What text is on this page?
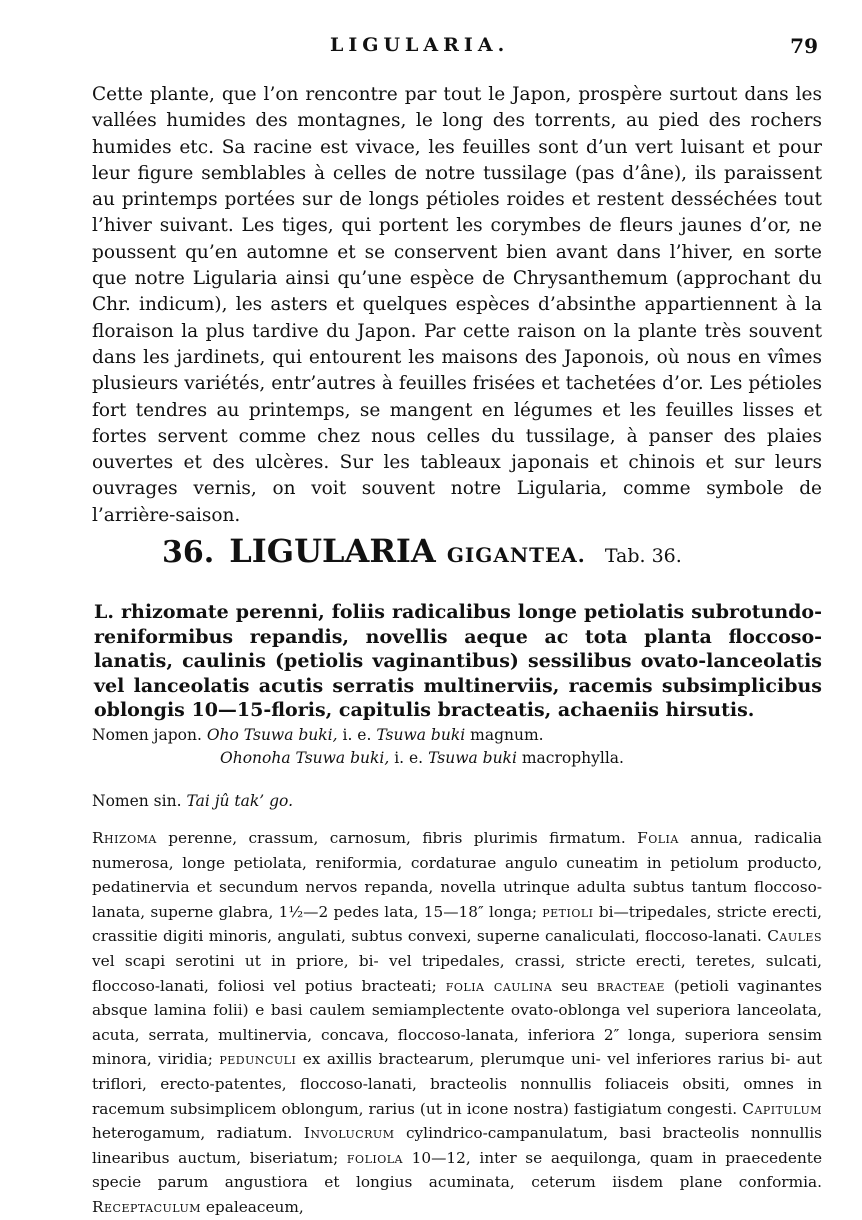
LIGULARIA.	79

Cette plante, que l’on rencontre par tout le Japon, prospère surtout dans les vallées humides des montagnes, le long des torrents, au pied des rochers humides etc. Sa racine est vivace, les feuilles sont d’un vert luisant et pour leur figure semblables à celles de notre tussilage (pas d’âne), ils paraissent au printemps portées sur de longs pétioles roides et restent desséchées tout l’hiver suivant. Les tiges, qui portent les corymbes de fleurs jaunes d’or, ne poussent qu’en automne et se conservent bien avant dans l’hiver, en sorte que notre Ligularia ainsi qu’une espèce de Chrysanthemum (approchant du Chr. indicum), les asters et quelques espèces d’absinthe appartiennent à la floraison la plus tardive du Japon. Par cette raison on la plante très souvent dans les jardinets, qui entourent les maisons des Japonois, où nous en vîmes plusieurs variétés, entr’autres à feuilles frisées et tachetées d’or. Les pétioles fort tendres au printemps, se mangent en légumes et les feuilles lisses et fortes servent comme chez nous celles du tussilage, à panser des plaies ouvertes et des ulcères. Sur les tableaux japonais et chinois et sur leurs ouvrages vernis, on voit souvent notre Ligularia, comme symbole de l’arrière-saison.

36. LIGULARIA GIGANTEA. Tab. 36.

L. rhizomate perenni, foliis radicalibus longe petiolatis subrotundo-reniformibus repandis, novellis aeque ac tota planta floccoso-lanatis, caulinis (petiolis vaginantibus) sessilibus ovato-lanceolatis vel lanceolatis acutis serratis multinerviis, racemis subsimplicibus oblongis 10—15-floris, capitulis bracteatis, achaeniis hirsutis.

Nomen japon. Oho Tsuwa buki, i. e. Tsuwa buki magnum.
Ohonoha Tsuwa buki, i. e. Tsuwa buki macrophylla.
Nomen sin. Tai jû tak’ go.

Rhizoma perenne, crassum, carnosum, fibris plurimis firmatum. Folia annua, radicalia numerosa, longe petiolata, reniformia, cordaturae angulo cuneatim in petiolum producto, pedatinervia et secundum nervos repanda, novella utrinque adulta subtus tantum floccoso-lanata, superne glabra, 1½—2 pedes lata, 15—18″ longa; petioli bi—tripedales, stricte erecti, crassitie digiti minoris, angulati, subtus convexi, superne canaliculati, floccoso-lanati. Caules vel scapi serotini ut in priore, bi- vel tripedales, crassi, stricte erecti, teretes, sulcati, floccoso-lanati, foliosi vel potius bracteati; folia caulina seu bracteae (petioli vaginantes absque lamina folii) e basi caulem semiamplectente ovato-oblonga vel superiora lanceolata, acuta, serrata, multinervia, concava, floccoso-lanata, inferiora 2″ longa, superiora sensim minora, viridia; pedunculi ex axillis bractearum, plerumque uni- vel inferiores rarius bi- aut triflori, erecto-patentes, floccoso-lanati, bracteolis nonnullis foliaceis obsiti, omnes in racemum subsimplicem oblongum, rarius (ut in icone nostra) fastigiatum congesti. Capitulum heterogamum, radiatum. Involucrum cylindrico-campanulatum, basi bracteolis nonnullis linearibus auctum, biseriatum; foliola 10—12, inter se aequilonga, quam in praecedente specie parum angustiora et longius acuminata, ceterum iisdem plane conformia. Receptaculum epaleaceum,
